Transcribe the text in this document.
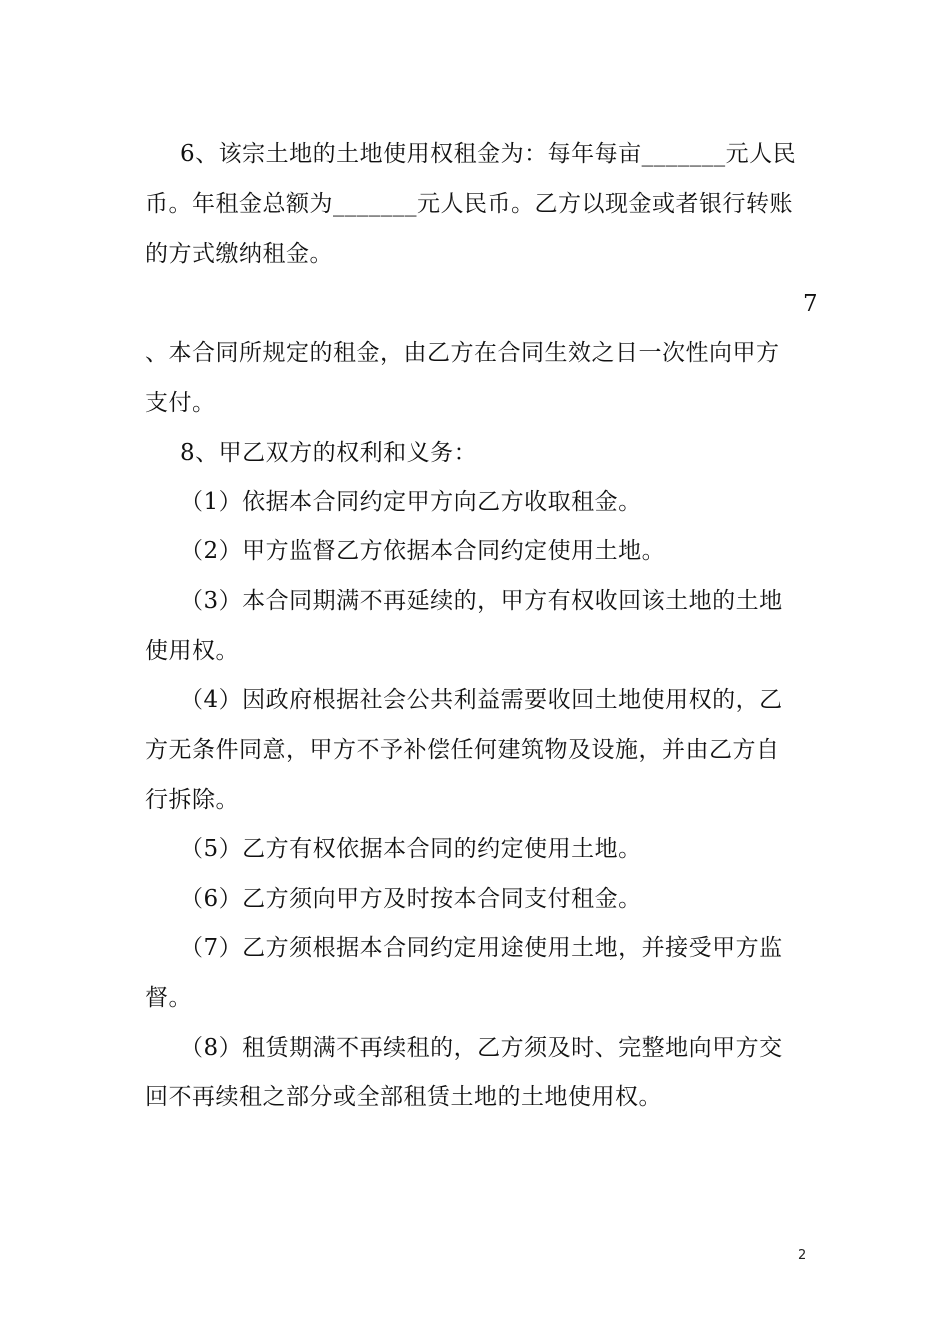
6、该宗土地的土地使用权租金为：每年每亩_______元人民
币。年租金总额为_______元人民币。乙方以现金或者银行转账
的方式缴纳租金。
7
、本合同所规定的租金，由乙方在合同生效之日一次性向甲方
支付。
8、甲乙双方的权利和义务：
（1）依据本合同约定甲方向乙方收取租金。
（2）甲方监督乙方依据本合同约定使用土地。
（3）本合同期满不再延续的，甲方有权收回该土地的土地
使用权。
（4）因政府根据社会公共利益需要收回土地使用权的，乙
方无条件同意，甲方不予补偿任何建筑物及设施，并由乙方自
行拆除。
（5）乙方有权依据本合同的约定使用土地。
（6）乙方须向甲方及时按本合同支付租金。
（7）乙方须根据本合同约定用途使用土地，并接受甲方监
督。
（8）租赁期满不再续租的，乙方须及时、完整地向甲方交
回不再续租之部分或全部租赁土地的土地使用权。
2
